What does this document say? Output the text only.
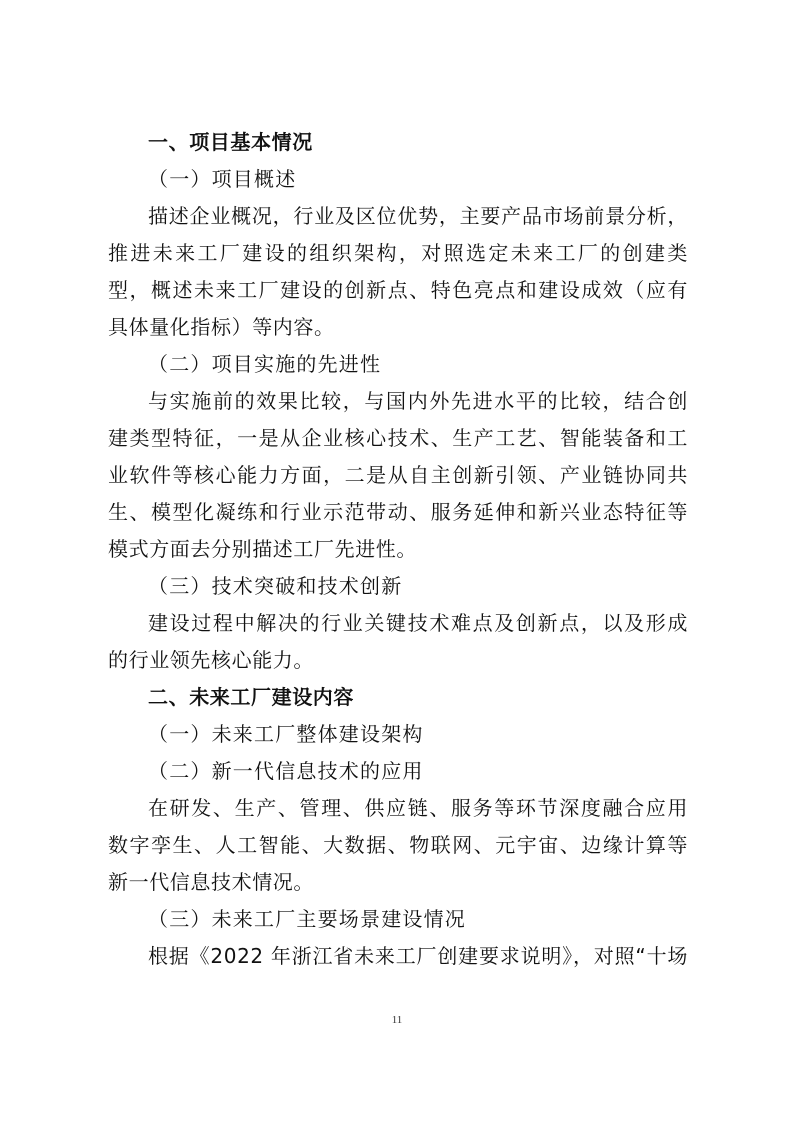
一、项目基本情况
（一）项目概述
描述企业概况，行业及区位优势，主要产品市场前景分析，
推进未来工厂建设的组织架构，对照选定未来工厂的创建类
型，概述未来工厂建设的创新点、特色亮点和建设成效（应有
具体量化指标）等内容。
（二）项目实施的先进性
与实施前的效果比较，与国内外先进水平的比较，结合创
建类型特征，一是从企业核心技术、生产工艺、智能装备和工
业软件等核心能力方面，二是从自主创新引领、产业链协同共
生、模型化凝练和行业示范带动、服务延伸和新兴业态特征等
模式方面去分别描述工厂先进性。
（三）技术突破和技术创新
建设过程中解决的行业关键技术难点及创新点，以及形成
的行业领先核心能力。
二、未来工厂建设内容
（一）未来工厂整体建设架构
（二）新一代信息技术的应用
在研发、生产、管理、供应链、服务等环节深度融合应用
数字孪生、人工智能、大数据、物联网、元宇宙、边缘计算等
新一代信息技术情况。
（三）未来工厂主要场景建设情况
根据《2022 年浙江省未来工厂创建要求说明》，对照“十场
11
